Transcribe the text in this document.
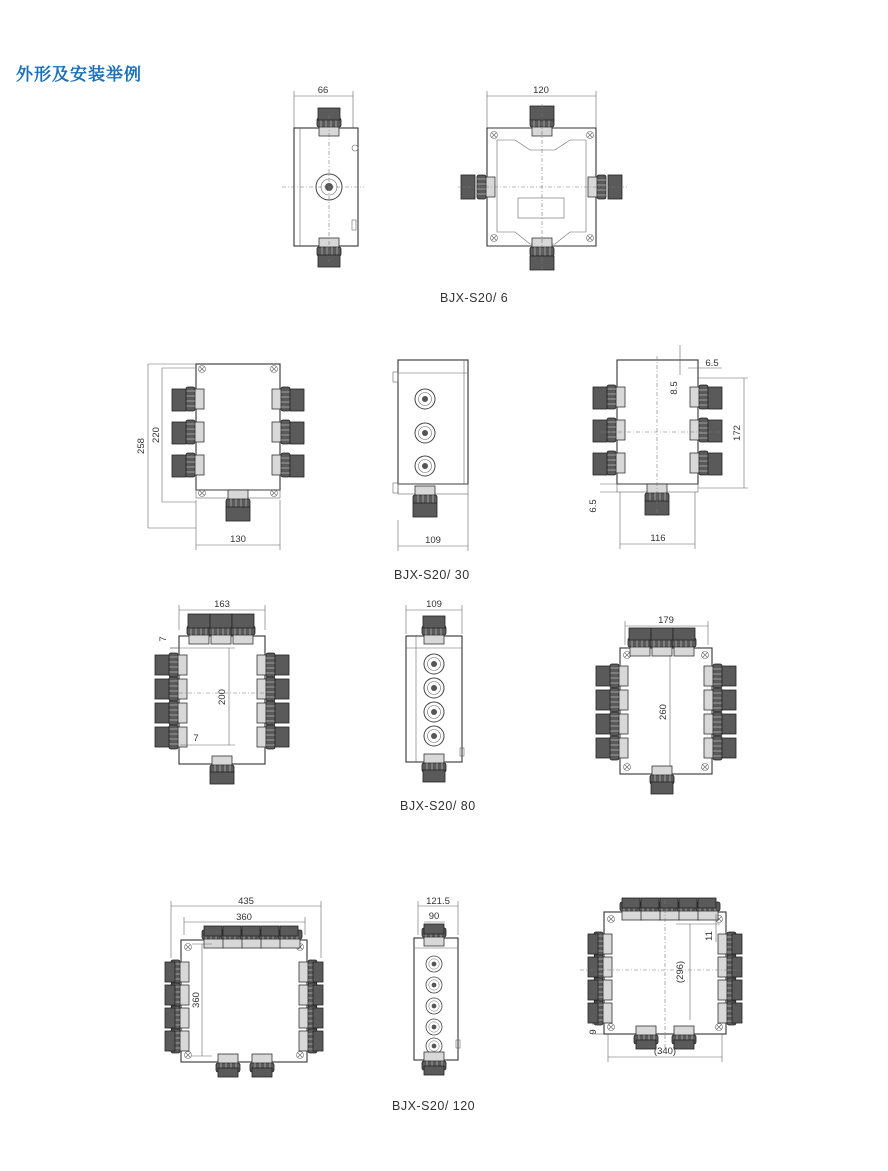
外形及安装举例
66	120
258
220
130	109
6.5
8.5
172
6.5
116
200
163
7
7
109
179
260
435
360
360
121.5
90
(296)
11
9
(340)
BJX-S20/ 6
BJX-S20/ 30
BJX-S20/ 80
BJX-S20/ 120
